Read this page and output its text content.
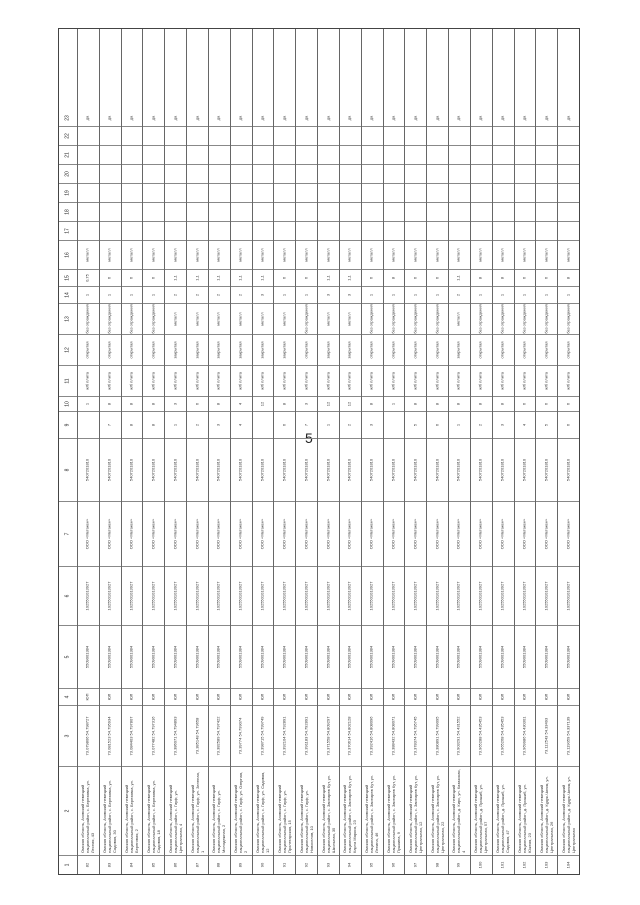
5
1
2
3
4
5
6
7
8
9
10
11
12
13
14
15
16
17
18
19
20
21
22
23
82
Омская область, Азовский немецкий национальный район, с. Березовка, ул. Лесная, 43
73.079806 54.798727
ЮП
5509001384
1025501013927
ООО «Метакен»
5407201810
1
ж/б плита
открытая
без ограждения
1
0,75
металл
да
83
Омская область, Азовский немецкий национальный район, с. Березовка, ул. Садовая, 30
73.081523 54.795934
ЮЛ
5509001384
1025501013927
ООО «Метакен»
5407201810
7
8
ж/б плита
открытая
без ограждения
1
6
металл
да
84
Омская область, Азовский немецкий национальный район, с. Березовка, ул. Береговая, 2
73.084403 54.797807
ЮЛ
5509001384
1025501013927
ООО «Метакен»
5407201810
8
8
ж/б плита
открытая
без ограждения
1
6
металл
да
85
Омская область, Азовский немецкий национальный район, с. Березовка, ул. Садовая, 18
73.077482 54.797316
ЮЛ
5509001384
1025501013927
ООО «Метакен»
5407201810
8
8
ж/б плита
открытая
без ограждения
1
6
металл
да
86
Омская область, Азовский немецкий национальный район, с. Гауф, ул. Центральная, 4
73.386071 54.794893
ЮЛ
5509001384
1025501013927
ООО «Метакен»
5407201810
1
3
ж/б плита
закрытая
металл
2
1,1
металл
да
87
Омская область, Азовский немецкий национальный район, с. Гауф, ул. Зеленая, 1
73.385148 54.79658
ЮЛ
5509001384
1025501013927
ООО «Метакен»
5407201810
2
6
ж/б плита
закрытая
металл
2
1,1
металл
да
88
Омская область, Азовский немецкий национальный район, с. Гауф, ул. Молодежная, 2
73.382589 54.797422
ЮЛ
5509001384
1025501013927
ООО «Метакен»
5407201810
3
8
ж/б плита
закрытая
металл
2
1,1
металл
да
89
Омская область, Азовский немецкий национальный район, с. Гауф, ул. Озерная, 2
73.39774 54.799074
ЮЛ
5509001384
1025501013927
ООО «Метакен»
5407201810
4
4
ж/б плита
закрытая
металл
2
1,1
металл
да
90
Омская область, Азовский немецкий национальный район, с. Гауф, ул. Садовая, 12
73.398715 54.799749
ЮЛ
5509001384
1025501013927
ООО «Метакен»
5407201810
12
ж/б плита
закрытая
металл
3
1,1
металл
да
91
Омская область, Азовский немецкий национальный район, с. Гауф, ул. Пролетарская, 15
73.392104 54.792891
ЮЛ
5509001384
1025501013927
ООО «Метакен»
5407201810
6
8
ж/б плита
закрытая
металл
1
6
металл
да
92
Омская область, Азовский немецкий национальный район, с. Гауф, ул. Новоселов, 10
73.391183 54.792891
ЮЛ
5509001384
1025501013927
ООО «Метакен»
5407201810
7
3
ж/б плита
открытая
без ограждения
1
6
металл
да
93
Омская область, Азовский немецкий национальный район, с. Звонарев Кут, ул. Школьная, 35
73.371558 54.809297
ЮЛ
5509001384
1025501013927
ООО «Метакен»
5407201810
1
12
ж/б плита
закрытая
металл
3
1,1
металл
да
94
Омская область, Азовский немецкий национальный район, с. Звонарев Кут, ул. Карла Маркса, 23
73.370614 54.802128
ЮЛ
5509001384
1025501013927
ООО «Метакен»
5407201810
2
12
ж/б плита
закрытая
металл
3
1,1
металл
да
95
Омская область, Азовский немецкий национальный район, с. Звонарев Кут, ул. Ленина, 46
73.392416 54.808096
ЮЛ
5509001384
1025501013927
ООО «Метакен»
5407201810
3
8
ж/б плита
открытая
без ограждения
1
6
металл
да
96
Омская область, Азовский немецкий национальный район, с. Звонарев Кут, ул. Пушкина, 9
73.388432 54.808071
ЮЛ
5509001384
1025501013927
ООО «Метакен»
5407201810
1
ж/б плита
открытая
без ограждения
1
8
металл
да
97
Омская область, Азовский немецкий национальный район, с. Звонарев Кут, ул. Центральная, 12
73.378374 54.795745
ЮЛ
5509001384
1025501013927
ООО «Метакен»
5407201810
5
8
ж/б плита
открытая
без ограждения
1
6
металл
да
98
Омская область, Азовский немецкий национальный район, с. Звонарев Кут, ул. Центральная, 22
73.380891 54.799095
ЮЛ
5509001384
1025501013927
ООО «Метакен»
5407201810
6
8
ж/б плита
открытая
без ограждения
1
6
металл
да
99
Омская область, Азовский немецкий национальный район, д. Кирс, ул. Казахская, 4
73.903291 54.431552
ЮЛ
5509001384
1025501013927
ООО «Метакен»
5407201810
1
8
ж/б плита
закрытая
металл
2
1,1
металл
да
100
Омская область, Азовский немецкий национальный район, д. Пришиб, ул. Центральная, 57
73.965288 54.435453
ЮЛ
5509001384
1025501013927
ООО «Метакен»
5407201810
2
8
ж/б плита
открытая
без ограждения
1
8
металл
да
101
Омская область, Азовский немецкий национальный район, д. Пришиб, ул. Садовая, 47
73.965268 54.435453
ЮЛ
5509001384
1025501013927
ООО «Метакен»
5407201810
3
8
ж/б плита
открытая
без ограждения
1
8
металл
да
102
Омская область, Азовский немецкий национальный район, д. Пришиб, ул. Южная, 23
73.969986 54.430301
ЮЛ
5509001384
1025501013927
ООО «Метакен»
5407201810
4
6
ж/б плита
открытая
без ограждения
1
6
металл
да
103
Омская область, Азовский немецкий национальный район, д. Кудук-Чилик, ул. Центральная, 26
73.112543 54.33493
ЮЛ
5509001384
1025501013927
ООО «Метакен»
5407201810
5
6
ж/б плита
открытая
без ограждения
1
6
металл
да
104
Омская область, Азовский немецкий национальный район, д. Кудук-Чилик, ул. Центральная
73.119059 54.337139
ЮЛ
5509001384
1025501013927
ООО «Метакен»
5407201810
6
6
ж/б плита
открытая
без ограждения
1
8
металл
да
